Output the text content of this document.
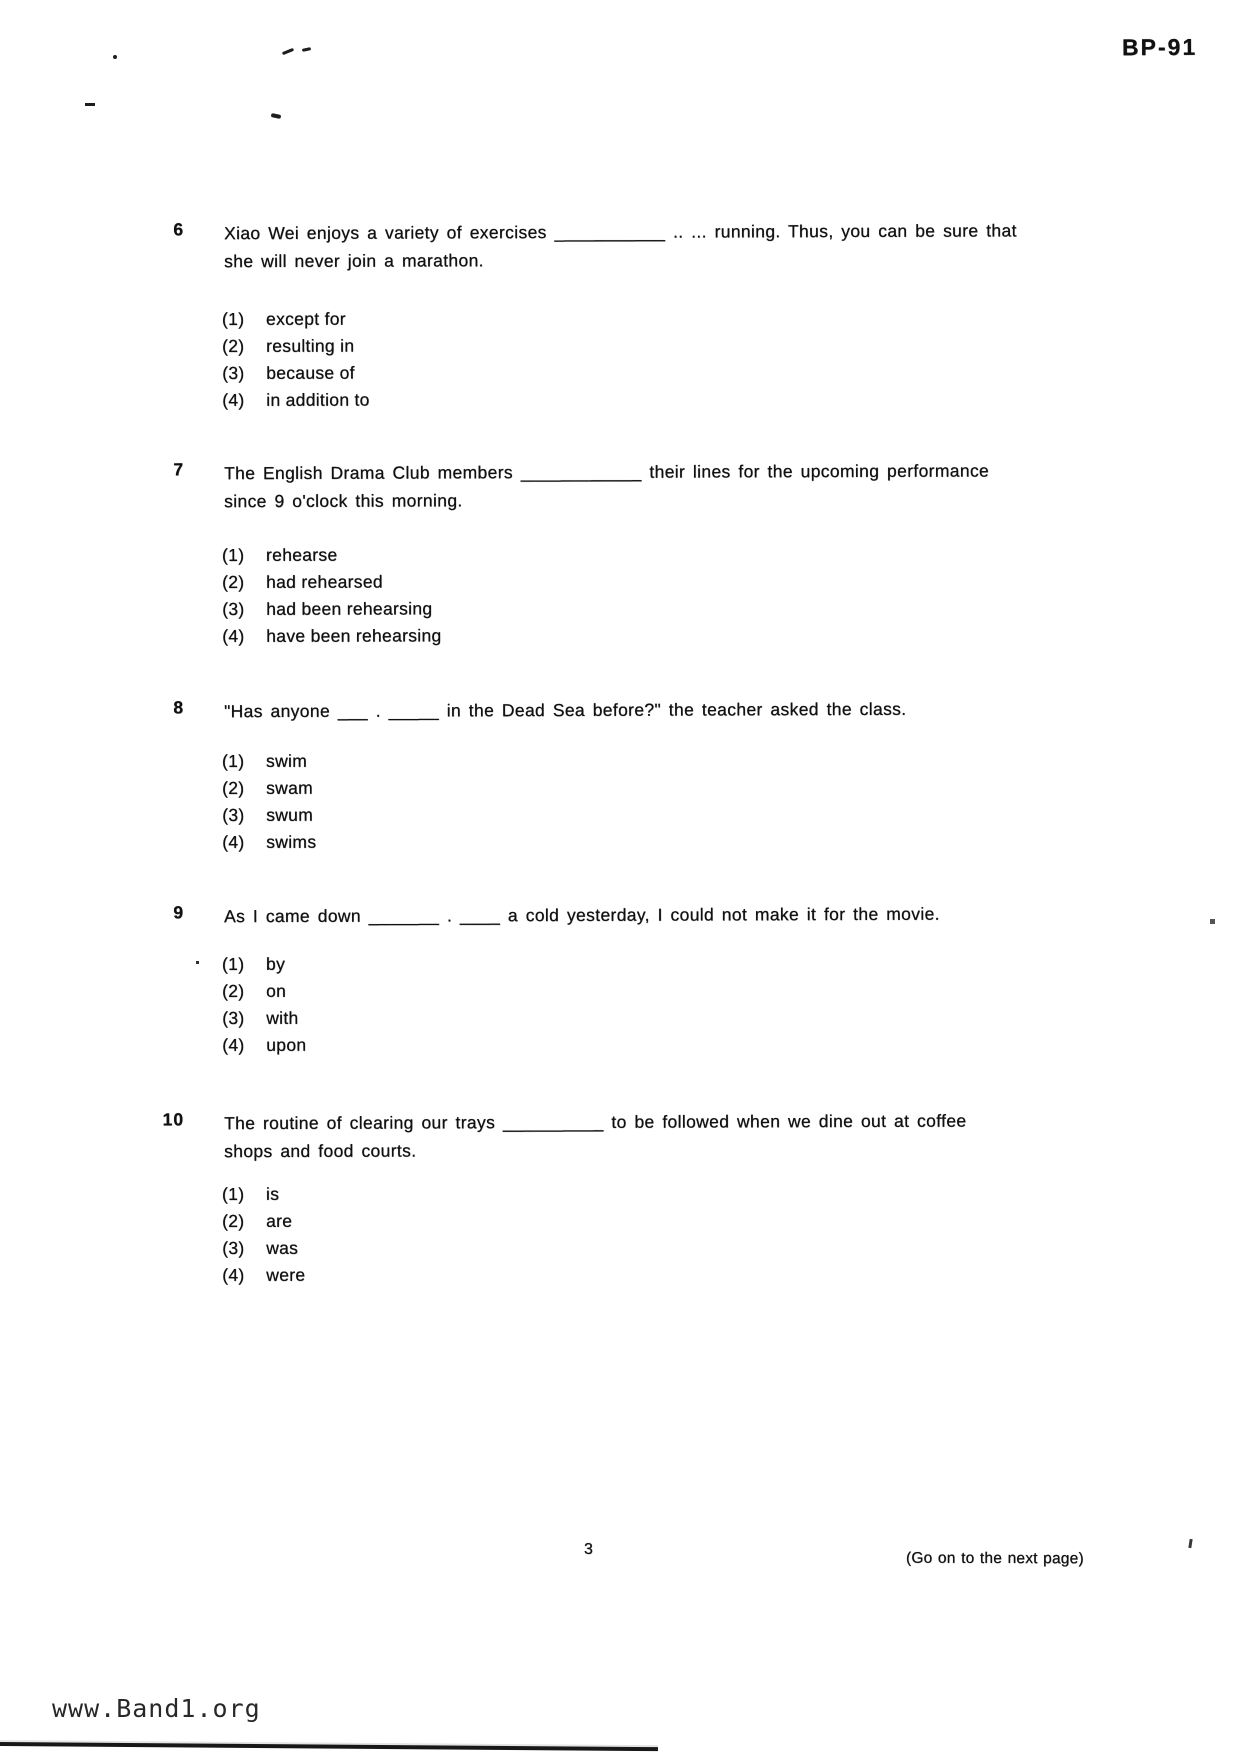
BP-91
6 Xiao Wei enjoys a variety of exercises ___________ .. ... running. Thus, you can be sure that
she will never join a marathon.
(1)	except for
(2)	resulting in
(3)	because of
(4)	in addition to
7 The English Drama Club members ____________ their lines for the upcoming performance
since 9 o'clock this morning.
(1)	rehearse
(2)	had rehearsed
(3)	had been rehearsing
(4)	have been rehearsing
8 "Has anyone ___ . _____ in the Dead Sea before?" the teacher asked the class.
(1)	swim
(2)	swam
(3)	swum
(4)	swims
9 As I came down _______ . ____ a cold yesterday, I could not make it for the movie.
(1)	by
(2)	on
(3)	with
(4)	upon
10 The routine of clearing our trays __________ to be followed when we dine out at coffee
shops and food courts.
(1)	is
(2)	are
(3)	was
(4)	were
3
(Go on to the next page)
www.Band1.org
